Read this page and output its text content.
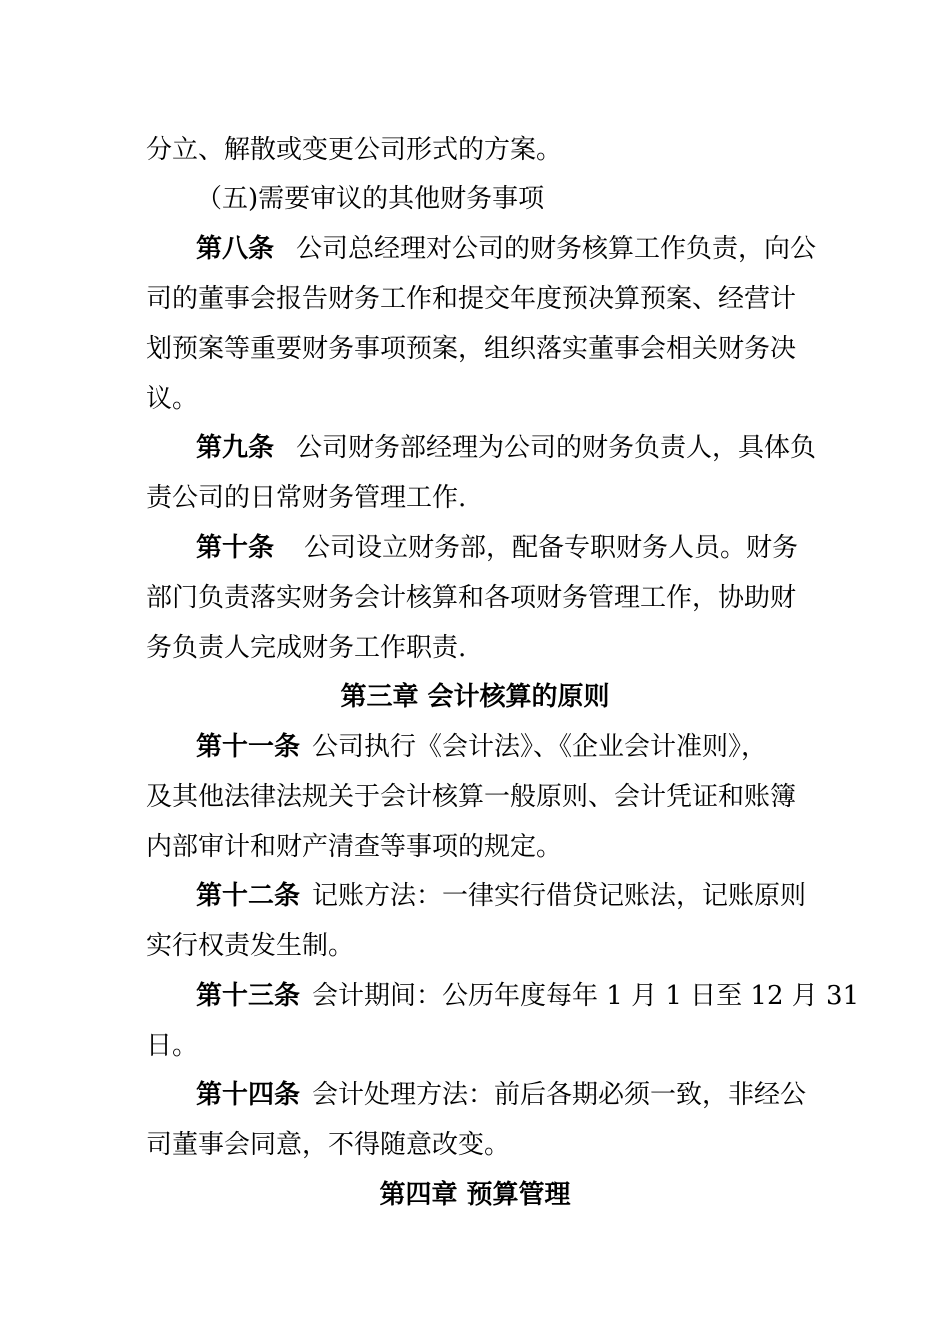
分立、解散或变更公司形式的方案。
（五)需要审议的其他财务事项
第八条 公司总经理对公司的财务核算工作负责，向公
司的董事会报告财务工作和提交年度预决算预案、经营计
划预案等重要财务事项预案，组织落实董事会相关财务决
议。
第九条 公司财务部经理为公司的财务负责人，具体负
责公司的日常财务管理工作.
第十条 公司设立财务部，配备专职财务人员。财务
部门负责落实财务会计核算和各项财务管理工作，协助财
务负责人完成财务工作职责.
第三章 会计核算的原则
第十一条 公司执行《会计法》、《企业会计准则》，
及其他法律法规关于会计核算一般原则、会计凭证和账簿
内部审计和财产清查等事项的规定。
第十二条 记账方法：一律实行借贷记账法，记账原则
实行权责发生制。
第十三条 会计期间：公历年度每年 1 月 1 日至 12 月 31
日。
第十四条 会计处理方法：前后各期必须一致，非经公
司董事会同意，不得随意改变。
第四章 预算管理
